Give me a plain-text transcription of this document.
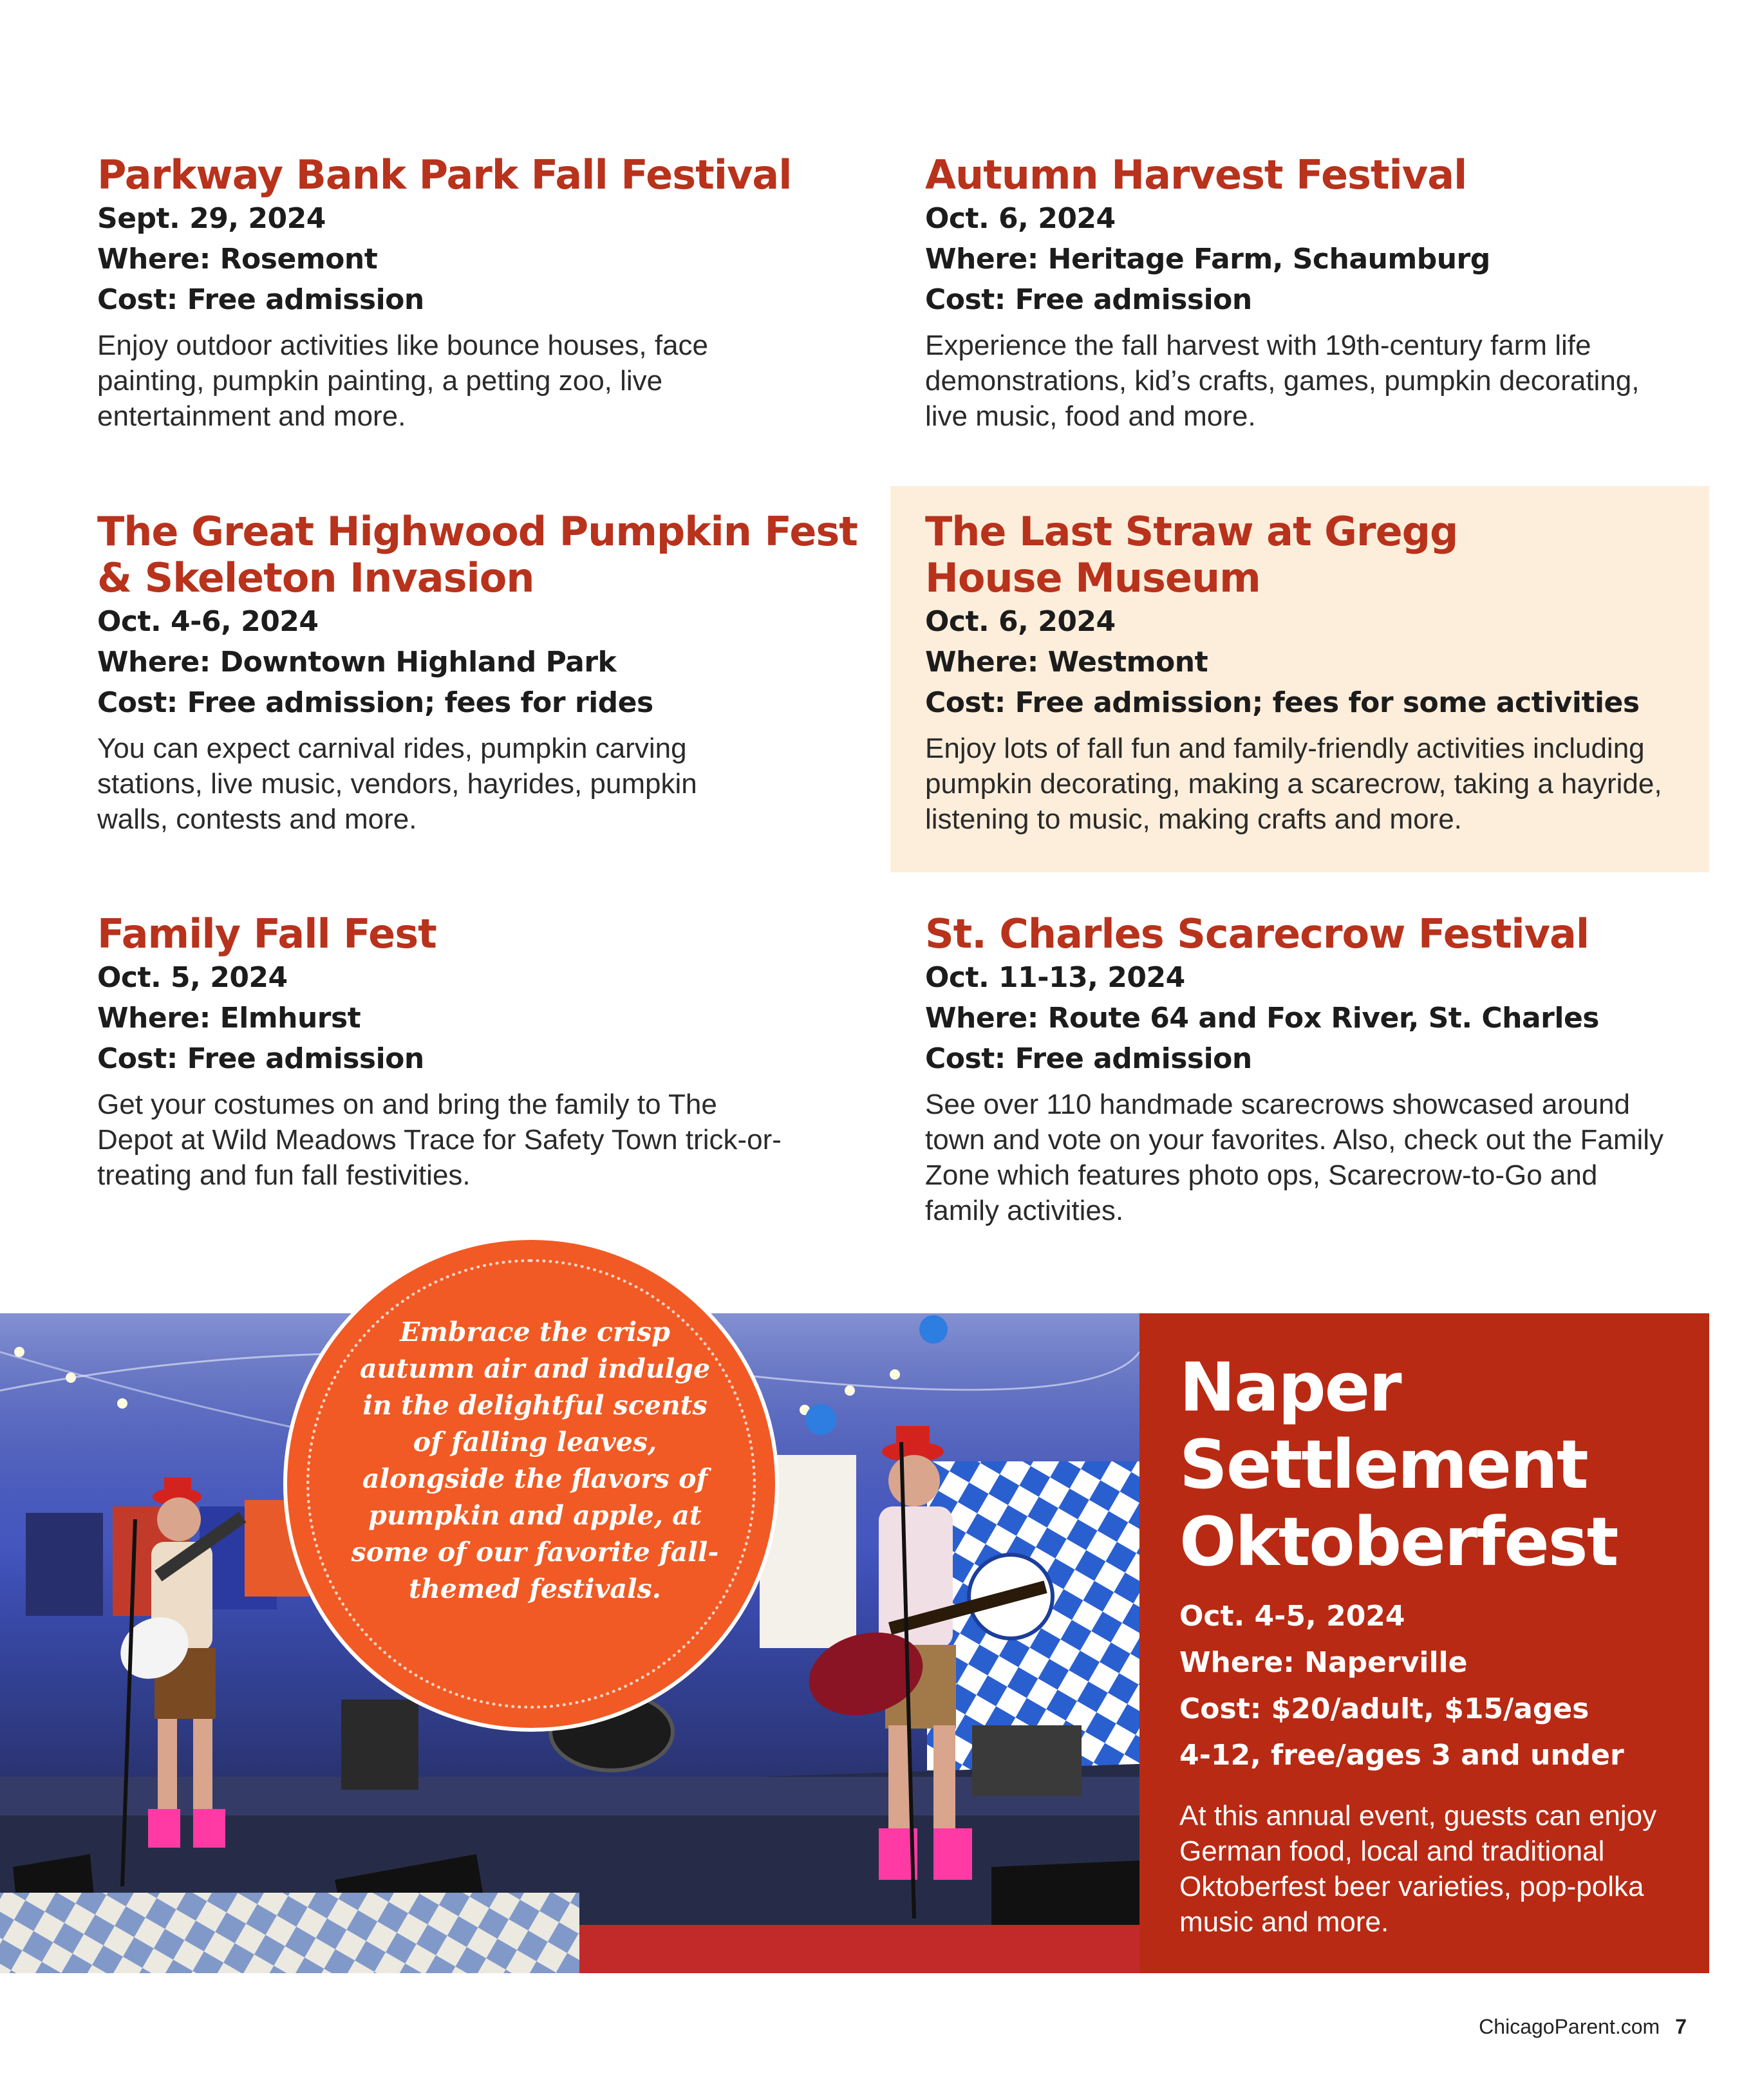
Parkway Bank Park Fall Festival
Sept. 29, 2024
Where: Rosemont
Cost: Free admission

Enjoy outdoor activities like bounce houses, face painting, pumpkin painting, a petting zoo, live entertainment and more.

Autumn Harvest Festival
Oct. 6, 2024
Where: Heritage Farm, Schaumburg
Cost: Free admission

Experience the fall harvest with 19th-century farm life demonstrations, kid’s crafts, games, pumpkin decorating, live music, food and more.

The Great Highwood Pumpkin Fest & Skeleton Invasion
Oct. 4-6, 2024
Where: Downtown Highland Park
Cost: Free admission; fees for rides

You can expect carnival rides, pumpkin carving stations, live music, vendors, hayrides, pumpkin walls, contests and more.

The Last Straw at Gregg House Museum
Oct. 6, 2024
Where: Westmont
Cost: Free admission; fees for some activities

Enjoy lots of fall fun and family-friendly activities including pumpkin decorating, making a scarecrow, taking a hayride, listening to music, making crafts and more.

Family Fall Fest
Oct. 5, 2024
Where: Elmhurst
Cost: Free admission

Get your costumes on and bring the family to The Depot at Wild Meadows Trace for Safety Town trick-or-treating and fun fall festivities.

St. Charles Scarecrow Festival
Oct. 11-13, 2024
Where: Route 64 and Fox River, St. Charles
Cost: Free admission

See over 110 handmade scarecrows showcased around town and vote on your favorites. Also, check out the Family Zone which features photo ops, Scarecrow-to-Go and family activities.

Naper Settlement Oktoberfest
Oct. 4-5, 2024
Where: Naperville
Cost: $20/adult, $15/ages 4-12, free/ages 3 and under

At this annual event, guests can enjoy German food, local and traditional Oktoberfest beer varieties, pop-polka music and more.

Embrace the crisp autumn air and indulge in the delightful scents of falling leaves, alongside the flavors of pumpkin and apple, at some of our favorite fall-themed festivals.
ChicagoParent.com 7
